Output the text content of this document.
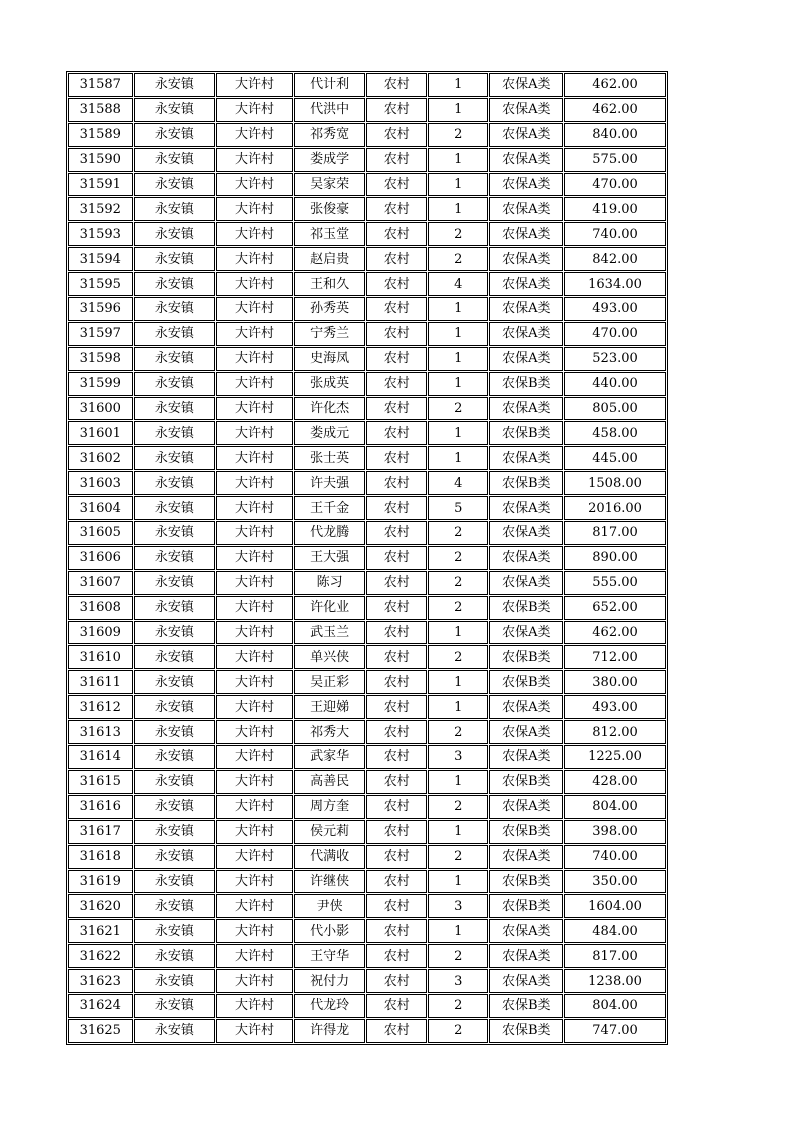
31587	永安镇	大许村	代计利	农村	1	农保A类	462.00
31588	永安镇	大许村	代洪中	农村	1	农保A类	462.00
31589	永安镇	大许村	祁秀宽	农村	2	农保A类	840.00
31590	永安镇	大许村	娄成学	农村	1	农保A类	575.00
31591	永安镇	大许村	吴家荣	农村	1	农保A类	470.00
31592	永安镇	大许村	张俊豪	农村	1	农保A类	419.00
31593	永安镇	大许村	祁玉堂	农村	2	农保A类	740.00
31594	永安镇	大许村	赵启贵	农村	2	农保A类	842.00
31595	永安镇	大许村	王和久	农村	4	农保A类	1634.00
31596	永安镇	大许村	孙秀英	农村	1	农保A类	493.00
31597	永安镇	大许村	宁秀兰	农村	1	农保A类	470.00
31598	永安镇	大许村	史海凤	农村	1	农保A类	523.00
31599	永安镇	大许村	张成英	农村	1	农保B类	440.00
31600	永安镇	大许村	许化杰	农村	2	农保A类	805.00
31601	永安镇	大许村	娄成元	农村	1	农保B类	458.00
31602	永安镇	大许村	张士英	农村	1	农保A类	445.00
31603	永安镇	大许村	许夫强	农村	4	农保B类	1508.00
31604	永安镇	大许村	王千金	农村	5	农保A类	2016.00
31605	永安镇	大许村	代龙腾	农村	2	农保A类	817.00
31606	永安镇	大许村	王大强	农村	2	农保A类	890.00
31607	永安镇	大许村	陈习	农村	2	农保A类	555.00
31608	永安镇	大许村	许化业	农村	2	农保B类	652.00
31609	永安镇	大许村	武玉兰	农村	1	农保A类	462.00
31610	永安镇	大许村	单兴侠	农村	2	农保B类	712.00
31611	永安镇	大许村	吴正彩	农村	1	农保B类	380.00
31612	永安镇	大许村	王迎娣	农村	1	农保A类	493.00
31613	永安镇	大许村	祁秀大	农村	2	农保A类	812.00
31614	永安镇	大许村	武家华	农村	3	农保A类	1225.00
31615	永安镇	大许村	高善民	农村	1	农保B类	428.00
31616	永安镇	大许村	周方奎	农村	2	农保A类	804.00
31617	永安镇	大许村	侯元莉	农村	1	农保B类	398.00
31618	永安镇	大许村	代满收	农村	2	农保A类	740.00
31619	永安镇	大许村	许继侠	农村	1	农保B类	350.00
31620	永安镇	大许村	尹侠	农村	3	农保B类	1604.00
31621	永安镇	大许村	代小影	农村	1	农保A类	484.00
31622	永安镇	大许村	王守华	农村	2	农保A类	817.00
31623	永安镇	大许村	祝付力	农村	3	农保A类	1238.00
31624	永安镇	大许村	代龙玲	农村	2	农保B类	804.00
31625	永安镇	大许村	许得龙	农村	2	农保B类	747.00
